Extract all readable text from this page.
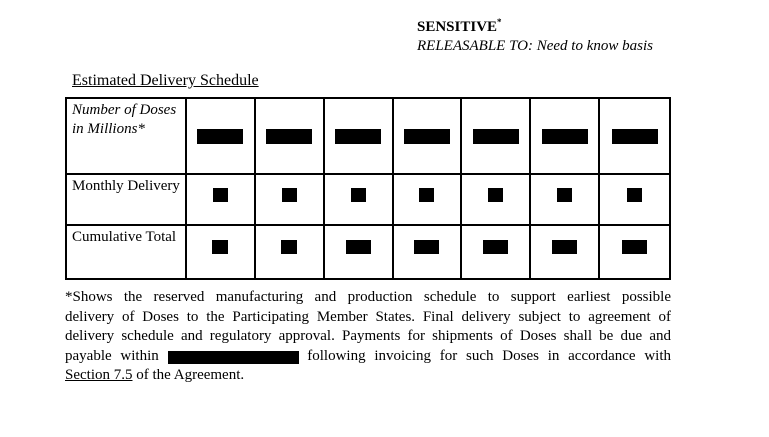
SENSITIVE*
RELEASABLE TO: Need to know basis
Estimated Delivery Schedule
Number of Doses in Millions*
Monthly Delivery
Cumulative Total
*Shows the reserved manufacturing and production schedule to support earliest possible
delivery of Doses to the Participating Member States. Final delivery subject to agreement of
delivery schedule and regulatory approval. Payments for shipments of Doses shall be due and
payable within	following invoicing for such Doses in accordance with
Section 7.5 of the Agreement.
